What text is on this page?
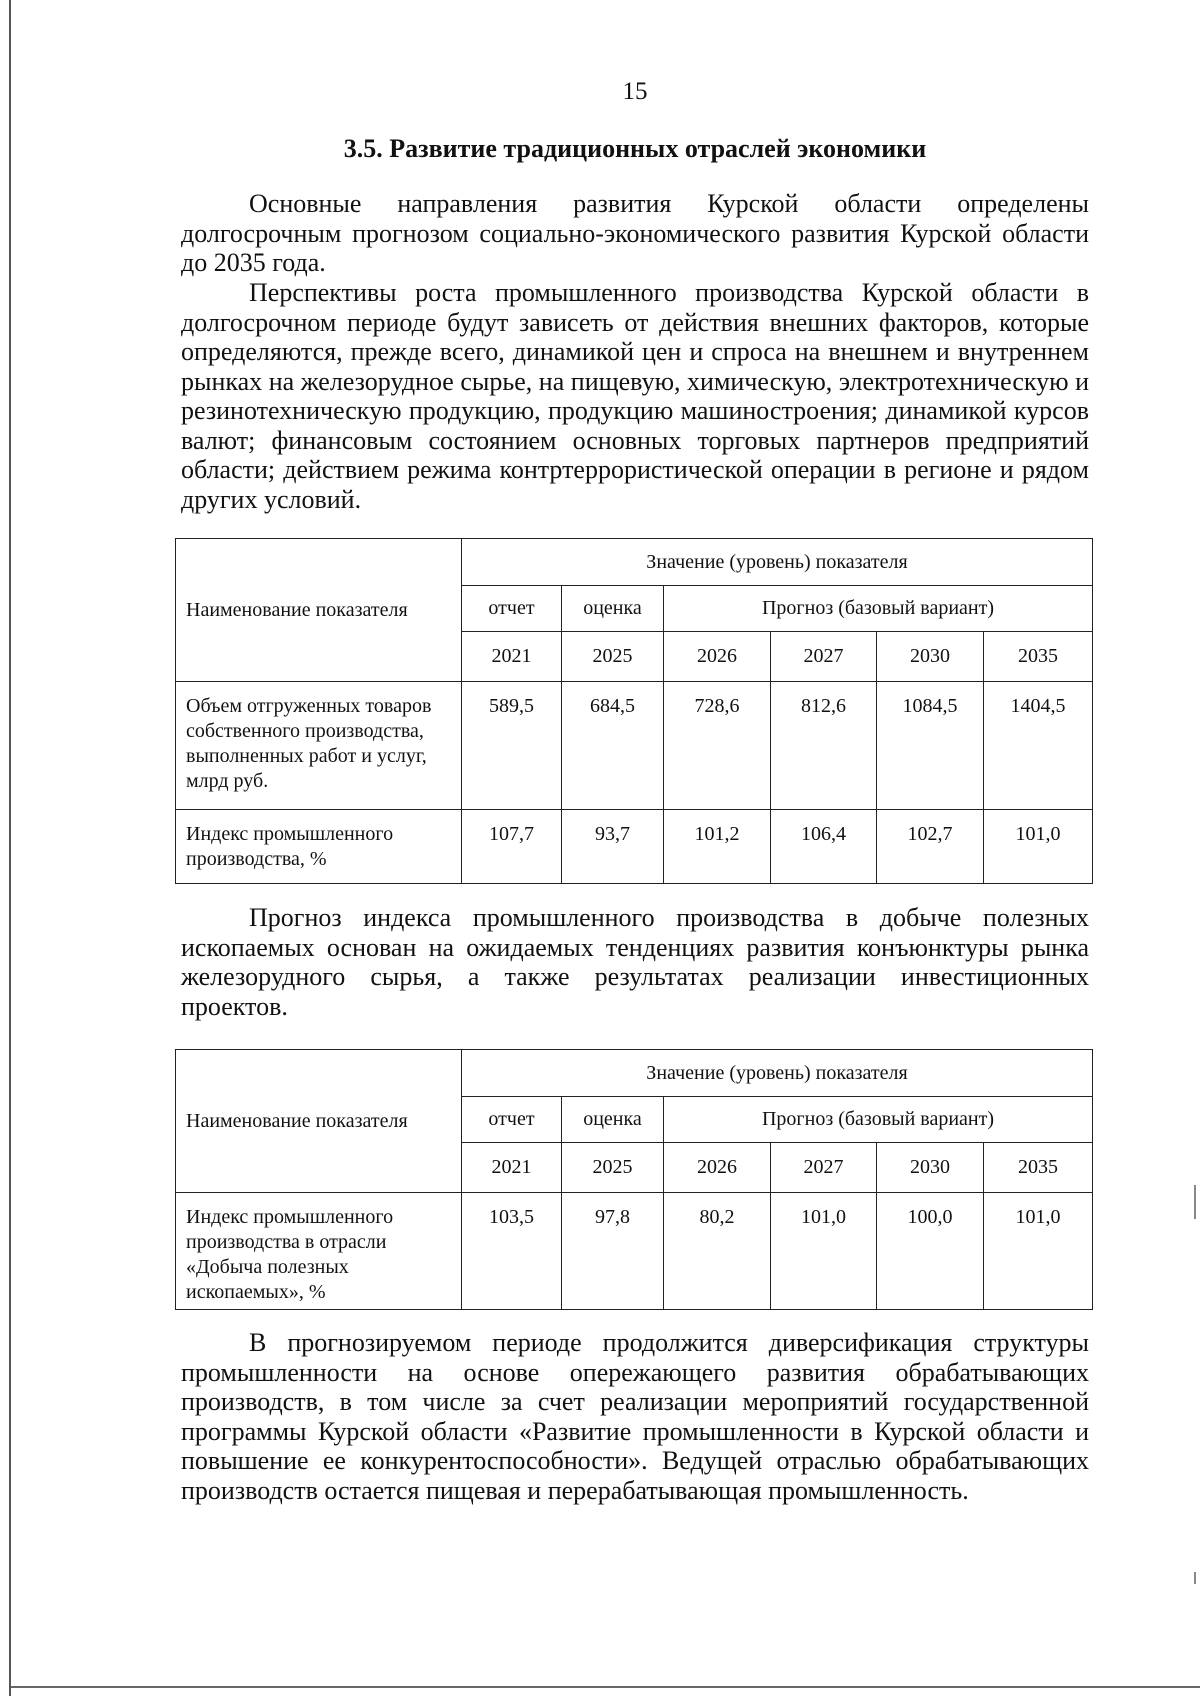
15
3.5. Развитие традиционных отраслей экономики

Основные направления развития Курской области определены долгосрочным прогнозом социально-экономического развития Курской области до 2035 года.

Перспективы роста промышленного производства Курской области в долгосрочном периоде будут зависеть от действия внешних факторов, которые определяются, прежде всего, динамикой цен и спроса на внешнем и внутреннем рынках на железорудное сырье, на пищевую, химическую, электротехническую и резинотехническую продукцию, продукцию машиностроения; динамикой курсов валют; финансовым состоянием основных торговых партнеров предприятий области; действием режима контртеррористической операции в регионе и рядом других условий.

Наименование показателя	Значение (уровень) показателя					
	отчет	оценка	Прогноз (базовый вариант)			
	2021	2025	2026	2027	2030	2035
Объем отгруженных товаров собственного производства, выполненных работ и услуг, млрд руб.	589,5	684,5	728,6	812,6	1084,5	1404,5
Индекс промышленного производства, %	107,7	93,7	101,2	106,4	102,7	101,0

Прогноз индекса промышленного производства в добыче полезных ископаемых основан на ожидаемых тенденциях развития конъюнктуры рынка железорудного сырья, а также результатах реализации инвестиционных проектов.

Наименование показателя	Значение (уровень) показателя					
	отчет	оценка	Прогноз (базовый вариант)			
	2021	2025	2026	2027	2030	2035
Индекс промышленного производства в отрасли «Добыча полезных ископаемых», %	103,5	97,8	80,2	101,0	100,0	101,0

В прогнозируемом периоде продолжится диверсификация структуры промышленности на основе опережающего развития обрабатывающих производств, в том числе за счет реализации мероприятий государственной программы Курской области «Развитие промышленности в Курской области и повышение ее конкурентоспособности». Ведущей отраслью обрабатывающих производств остается пищевая и перерабатывающая промышленность.
